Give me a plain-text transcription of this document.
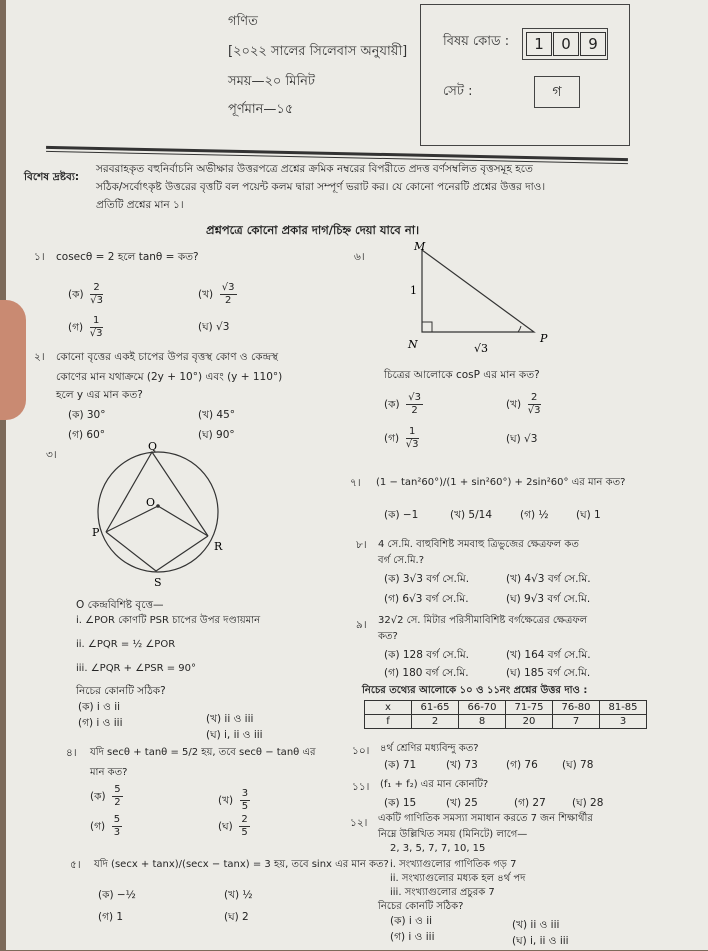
গণিত
[২০২২ সালের সিলেবাস অনুযায়ী]
সময়—২০ মিনিট
পূর্ণমান—১৫
বিষয় কোড :	1	0	9
সেট :	গ
বিশেষ দ্রষ্টব্য:
সরবরাহকৃত বহুনির্বাচনি অভীক্ষার উত্তরপত্রে প্রশ্নের ক্রমিক নম্বরের বিপরীতে প্রদত্ত বর্ণসম্বলিত বৃত্তসমূহ হতে
সঠিক/সর্বোৎকৃষ্ট উত্তরের বৃত্তটি বল পয়েন্ট কলম দ্বারা সম্পূর্ণ ভরাট কর। যে কোনো পনেরটি প্রশ্নের উত্তর দাও।
প্রতিটি প্রশ্নের মান ১।
প্রশ্নপত্রে কোনো প্রকার দাগ/চিহ্ন দেয়া যাবে না।
১। cosecθ = 2 হলে tanθ = কত?
(ক) $\frac{2}{√3}$	(খ) $\frac{√3}{2}$
(গ) $\frac{1}{√3}$	(ঘ) √3
২। কোনো বৃত্তের একই চাপের উপর বৃত্তস্থ কোণ ও কেন্দ্রস্থ
কোণের মান যথাক্রমে (2y + 10°) এবং (y + 110°)
হলে y এর মান কত?
(ক) 30°	(খ) 45°
(গ) 60°	(ঘ) 90°
৩।
Q
O
P
R
S
O কেন্দ্রবিশিষ্ট বৃত্তে—
i. ∠POR কোণটি PSR চাপের উপর দণ্ডায়মান
ii. ∠PQR = ½ ∠POR
iii. ∠PQR + ∠PSR = 90°
নিচের কোনটি সঠিক?
(ক) i ও ii
(গ) i ও iii	(খ) ii ও iii
(ঘ) i, ii ও iii
৪। যদি secθ + tanθ = 5/2 হয়, তবে secθ − tanθ এর
মান কত?
(ক) $\frac{5}{2}$	(খ) $\frac{3}{5}$
(গ) $\frac{5}{3}$	(ঘ) $\frac{2}{5}$
৫। যদি (secx + tanx)/(secx − tanx) = 3 হয়, তবে sinx এর মান কত?
(ক) −½	(খ) ½
(গ) 1	(ঘ) 2
৬।
M
N	P
1
√3
চিত্রের আলোকে cosP এর মান কত?
(ক) $\frac{√3}{2}$	(খ) $\frac{2}{√3}$
(গ) $\frac{1}{√3}$	(ঘ) √3
৭। (1 − tan²60°)/(1 + sin²60°) + 2sin²60° এর মান কত?
(ক) −1	(খ) 5/14	(গ) ½	(ঘ) 1
৮। 4 সে.মি. বাহুবিশিষ্ট সমবাহু ত্রিভুজের ক্ষেত্রফল কত
বর্গ সে.মি.?
(ক) 3√3 বর্গ সে.মি.	(খ) 4√3 বর্গ সে.মি.
(গ) 6√3 বর্গ সে.মি.	(ঘ) 9√3 বর্গ সে.মি.
৯। 32√2 সে. মিটার পরিসীমাবিশিষ্ট বর্গক্ষেত্রের ক্ষেত্রফল
কত?
(ক) 128 বর্গ সে.মি.	(খ) 164 বর্গ সে.মি.
(গ) 180 বর্গ সে.মি.	(ঘ) 185 বর্গ সে.মি.
নিচের তথ্যের আলোকে ১০ ও ১১নং প্রশ্নের উত্তর দাও :
x	61-65	66-70	71-75	76-80	81-85
f	2	8	20	7	3
১০। ৪র্থ শ্রেণির মধ্যবিন্দু কত?
(ক) 71	(খ) 73	(গ) 76 (ঘ) 78
১১। (f₁ + f₂) এর মান কোনটি?
(ক) 15	(খ) 25	(গ) 27 (ঘ) 28
১২। একটি গাণিতিক সমস্যা সমাধান করতে 7 জন শিক্ষার্থীর
নিম্নে উল্লিখিত সময় (মিনিটে) লাগে—
2, 3, 5, 7, 7, 10, 15
i. সংখ্যাগুলোর গাণিতিক গড় 7
ii. সংখ্যাগুলোর মধ্যক হল ৪র্থ পদ
iii. সংখ্যাগুলোর প্রচুরক 7
নিচের কোনটি সঠিক?
(ক) i ও ii
(গ) i ও iii
(খ) ii ও iii
(ঘ) i, ii ও iii
